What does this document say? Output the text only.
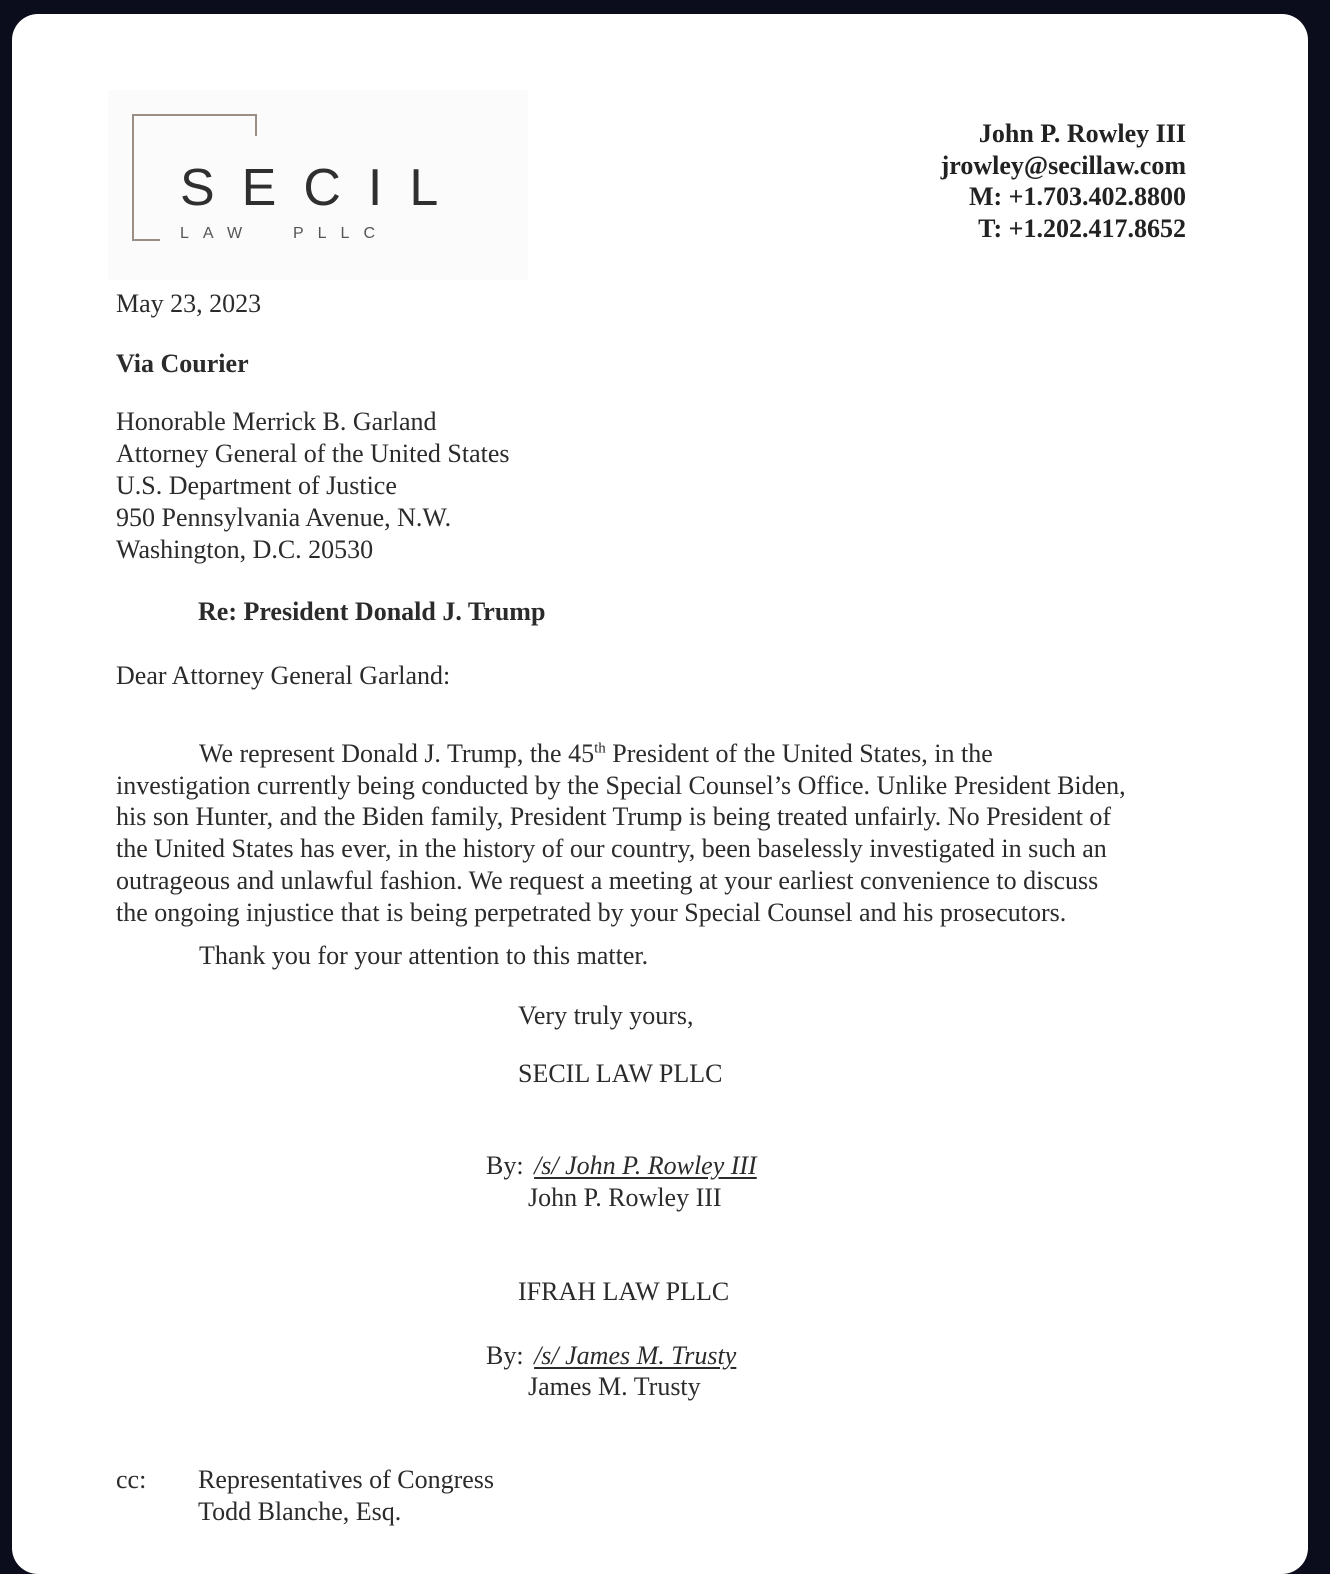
SECIL
LAW  PLLC
John P. Rowley III
jrowley@secillaw.com
M: +1.703.402.8800
T: +1.202.417.8652
May 23, 2023
Via Courier
Honorable Merrick B. Garland
Attorney General of the United States
U.S. Department of Justice
950 Pennsylvania Avenue, N.W.
Washington, D.C. 20530
Re: President Donald J. Trump
Dear Attorney General Garland:
We represent Donald J. Trump, the 45th President of the United States, in the
investigation currently being conducted by the Special Counsel’s Office. Unlike President Biden,
his son Hunter, and the Biden family, President Trump is being treated unfairly. No President of
the United States has ever, in the history of our country, been baselessly investigated in such an
outrageous and unlawful fashion. We request a meeting at your earliest convenience to discuss
the ongoing injustice that is being perpetrated by your Special Counsel and his prosecutors.
Thank you for your attention to this matter.
Very truly yours,
SECIL LAW PLLC
By: /s/ John P. Rowley III
John P. Rowley III
IFRAH LAW PLLC
By: /s/ James M. Trusty
James M. Trusty
cc: Representatives of Congress
Todd Blanche, Esq.
